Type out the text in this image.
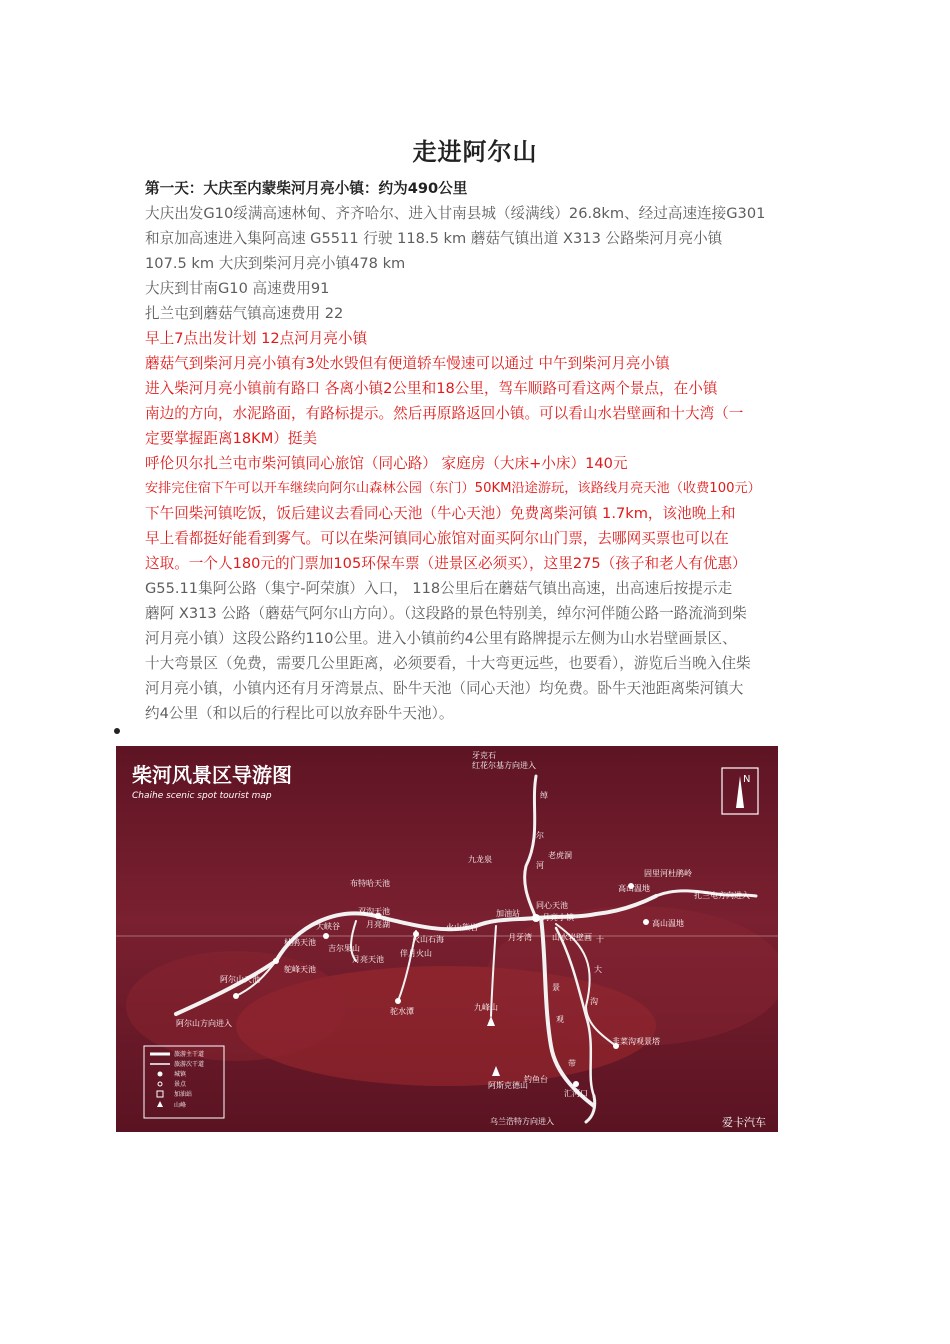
走进阿尔山
第一天：大庆至内蒙柴河月亮小镇：约为490公里
大庆出发G10绥满高速林甸、齐齐哈尔、进入甘南县城（绥满线）26.8km、经过高速连接G301
和京加高速进入集阿高速 G5511 行驶 118.5 km 蘑菇气镇出道 X313 公路柴河月亮小镇
107.5 km 大庆到柴河月亮小镇478 km
大庆到甘南G10 高速费用91
扎兰屯到蘑菇气镇高速费用 22
早上7点出发计划 12点河月亮小镇
蘑菇气到柴河月亮小镇有3处水毁但有便道轿车慢速可以通过 中午到柴河月亮小镇
进入柴河月亮小镇前有路口 各离小镇2公里和18公里，驾车顺路可看这两个景点，在小镇
南边的方向，水泥路面，有路标提示。然后再原路返回小镇。可以看山水岩壁画和十大湾（一
定要掌握距离18KM）挺美
呼伦贝尔扎兰屯市柴河镇同心旅馆（同心路） 家庭房（大床+小床）140元
安排完住宿下午可以开车继续向阿尔山森林公园（东门）50KM沿途游玩，该路线月亮天池（收费100元）
下午回柴河镇吃饭，饭后建议去看同心天池（牛心天池）免费离柴河镇 1.7km，该池晚上和
早上看都挺好能看到雾气。可以在柴河镇同心旅馆对面买阿尔山门票，去哪网买票也可以在
这取。一个人180元的门票加105环保车票（进景区必须买），这里275（孩子和老人有优惠）
G55.11集阿公路（集宁-阿荣旗）入口， 118公里后在蘑菇气镇出高速，出高速后按提示走
蘑阿 X313 公路（蘑菇气阿尔山方向）。（这段路的景色特别美，绰尔河伴随公路一路流淌到柴
河月亮小镇）这段公路约110公里。进入小镇前约4公里有路牌提示左侧为山水岩壁画景区、
十大弯景区（免费，需要几公里距离，必须要看，十大弯更远些，也要看），游览后当晚入住柴
河月亮小镇，小镇内还有月牙湾景点、卧牛天池（同心天池）均免费。卧牛天池距离柴河镇大
约4公里（和以后的行程比可以放弃卧牛天池）。
柴河风景区导游图
Chaihe scenic spot tourist map
N
牙克石
红花尔基方向进入
绰
尔
河
九龙泉	老虎洞
固里河杜鹃岭
高山温地
扎兰屯方向进入
布特哈天池
双沟天池
月亮湖
大峡谷
杜鹃天池
吉尔果山
月亮天池
火山石海
伴月火山
火山熊岩
加油站
同心天池
月亮小镇
月牙湾	山水岩壁画
高山温地
阿尔山天池
鸵峰天池
驼水潭	九峰山
阿斯克德山
钓鱼台
汇河口
韭菜沟观景塔
十
大
沟
景
观
带
乌兰浩特方向进入
阿尔山方向进入
旅游主干道
旅游次干道
城镇
景点
加油站
山峰
爱卡汽车
